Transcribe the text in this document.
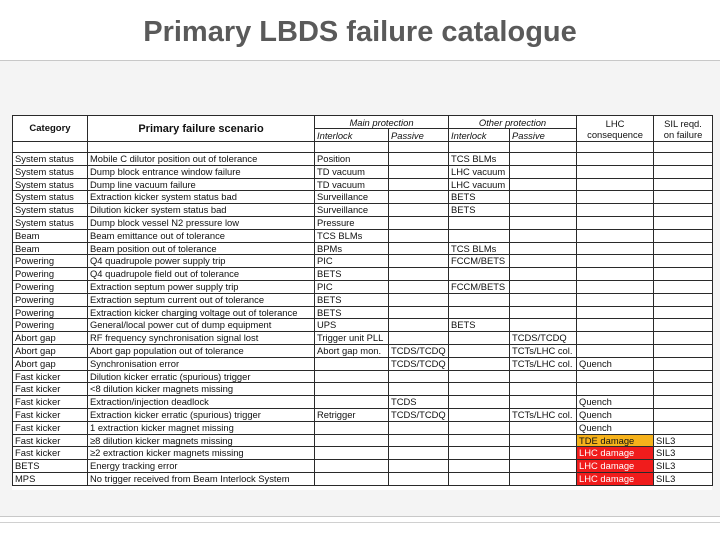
Primary LBDS failure catalogue
Category	Primary failure scenario	Main protection		Other protection		LHC
consequence	SIL reqd.
on failure
		Interlock	Passive	Interlock	Passive		

System status	Mobile C dilutor position out of tolerance	Position		TCS BLMs			
System status	Dump block entrance window failure	TD vacuum		LHC vacuum			
System status	Dump line vacuum failure	TD vacuum		LHC vacuum			
System status	Extraction kicker system status bad	Surveillance		BETS			
System status	Dilution kicker system status bad	Surveillance		BETS			
System status	Dump block vessel N2 pressure low	Pressure					
Beam	Beam emittance out of tolerance	TCS BLMs					
Beam	Beam position out of tolerance	BPMs		TCS BLMs			
Powering	Q4 quadrupole power supply trip	PIC		FCCM/BETS			
Powering	Q4 quadrupole field out of tolerance	BETS					
Powering	Extraction septum power supply trip	PIC		FCCM/BETS			
Powering	Extraction septum current out of tolerance	BETS					
Powering	Extraction kicker charging voltage out of tolerance	BETS					
Powering	General/local power cut of dump equipment	UPS		BETS			
Abort gap	RF frequency synchronisation signal lost	Trigger unit PLL			TCDS/TCDQ		
Abort gap	Abort gap population out of tolerance	Abort gap mon.	TCDS/TCDQ		TCTs/LHC col.		
Abort gap	Synchronisation error		TCDS/TCDQ		TCTs/LHC col.	Quench	
Fast kicker	Dilution kicker erratic (spurious) trigger						
Fast kicker	<8 dilution kicker magnets missing						
Fast kicker	Extraction/injection deadlock		TCDS			Quench	
Fast kicker	Extraction kicker erratic (spurious) trigger	Retrigger	TCDS/TCDQ		TCTs/LHC col.	Quench	
Fast kicker	1 extraction kicker magnet missing					Quench	
Fast kicker	≥8 dilution kicker magnets missing					TDE damage	SIL3
Fast kicker	≥2 extraction kicker magnets missing					LHC damage	SIL3
BETS	Energy tracking error					LHC damage	SIL3
MPS	No trigger received from Beam Interlock System					LHC damage	SIL3
